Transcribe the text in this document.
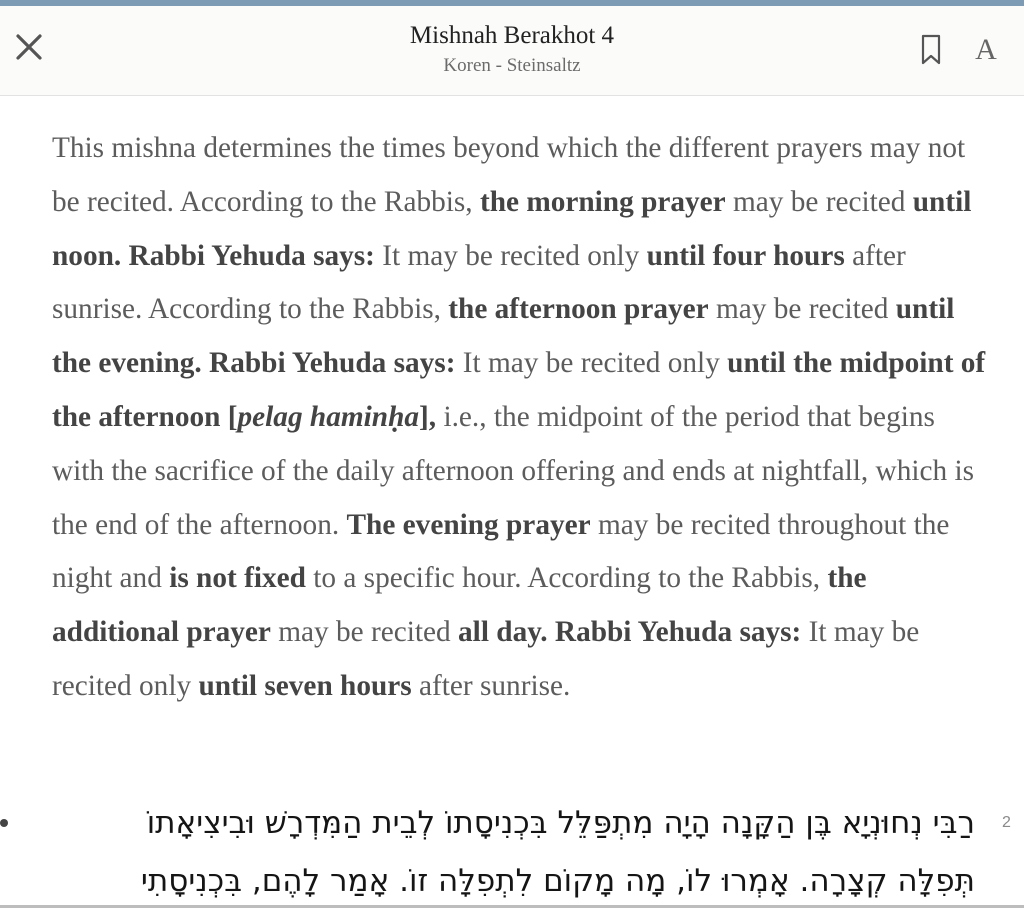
Mishnah Berakhot 4
Koren - Steinsaltz	A
This mishna determines the times beyond which the different prayers may not be recited. According to the Rabbis, the morning prayer may be recited until noon. Rabbi Yehuda says: It may be recited only until four hours after sunrise. According to the Rabbis, the afternoon prayer may be recited until the evening. Rabbi Yehuda says: It may be recited only until the midpoint of the afternoon [pelag haminḥa], i.e., the midpoint of the period that begins with the sacrifice of the daily afternoon offering and ends at nightfall, which is the end of the afternoon. The evening prayer may be recited throughout the night and is not fixed to a specific hour. According to the Rabbis, the additional prayer may be recited all day. Rabbi Yehuda says: It may be recited only until seven hours after sunrise.
2
רַבִּי נְחוּנְיָא בֶּן הַקָּנָה הָיָה מִתְפַּלֵּל בִּכְנִיסָתוֹ לְבֵית הַמִּדְרָשׁ וּבִיצִיאָתוֹ
תְּפִלָּה קְצָרָה. אָמְרוּ לוֹ, מָה מָקוֹם לִתְפִלָּה זוֹ. אָמַר לָהֶם, בִּכְנִיסָתִי
